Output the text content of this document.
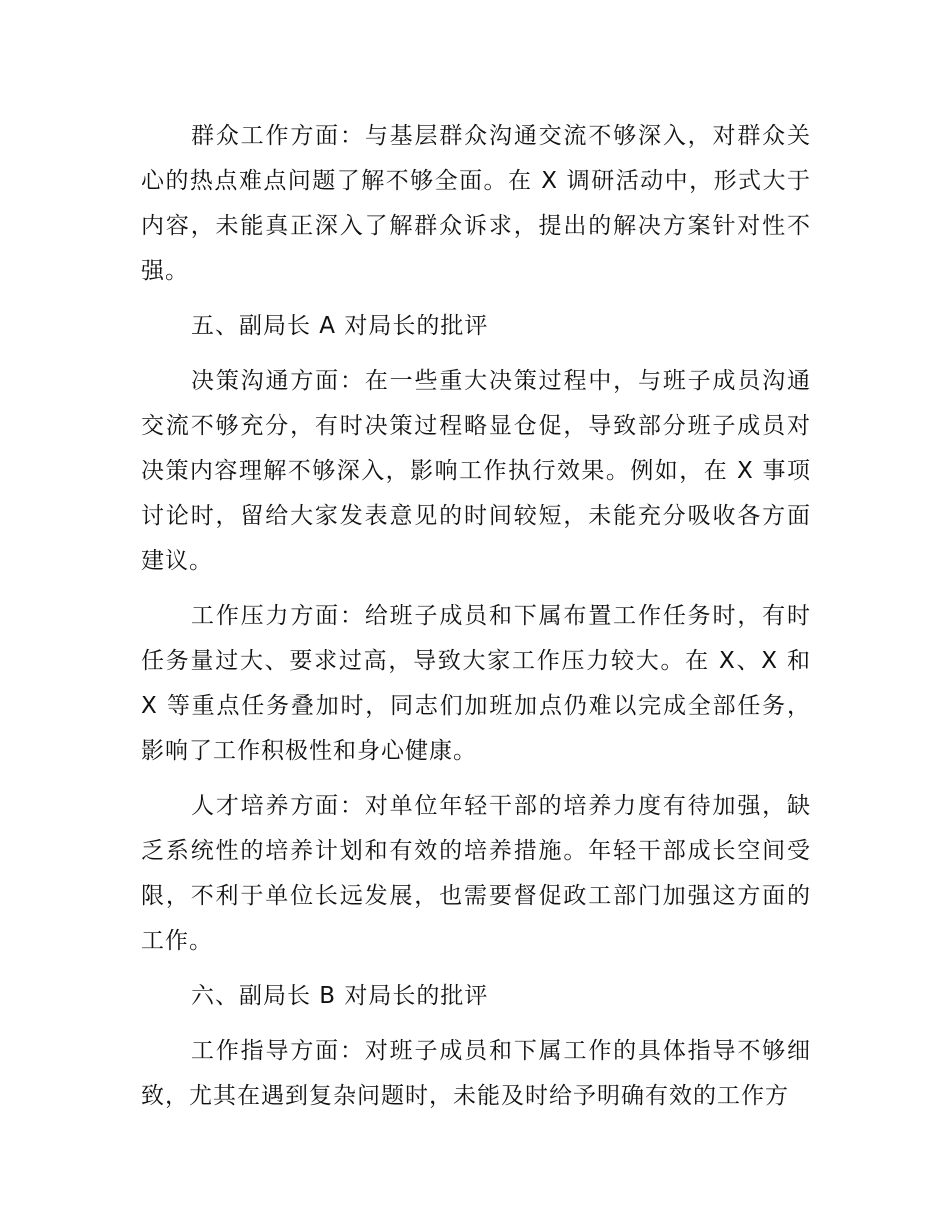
群众工作方面：与基层群众沟通交流不够深入，对群众关心的热点难点问题了解不够全面。在 X 调研活动中，形式大于内容，未能真正深入了解群众诉求，提出的解决方案针对性不强。

五、副局长 A 对局长的批评

决策沟通方面：在一些重大决策过程中，与班子成员沟通交流不够充分，有时决策过程略显仓促，导致部分班子成员对决策内容理解不够深入，影响工作执行效果。例如，在 X 事项讨论时，留给大家发表意见的时间较短，未能充分吸收各方面建议。

工作压力方面：给班子成员和下属布置工作任务时，有时任务量过大、要求过高，导致大家工作压力较大。在 X、X 和 X 等重点任务叠加时，同志们加班加点仍难以完成全部任务，影响了工作积极性和身心健康。

人才培养方面：对单位年轻干部的培养力度有待加强，缺乏系统性的培养计划和有效的培养措施。年轻干部成长空间受限，不利于单位长远发展，也需要督促政工部门加强这方面的工作。

六、副局长 B 对局长的批评

工作指导方面：对班子成员和下属工作的具体指导不够细致，尤其在遇到复杂问题时，未能及时给予明确有效的工作方
